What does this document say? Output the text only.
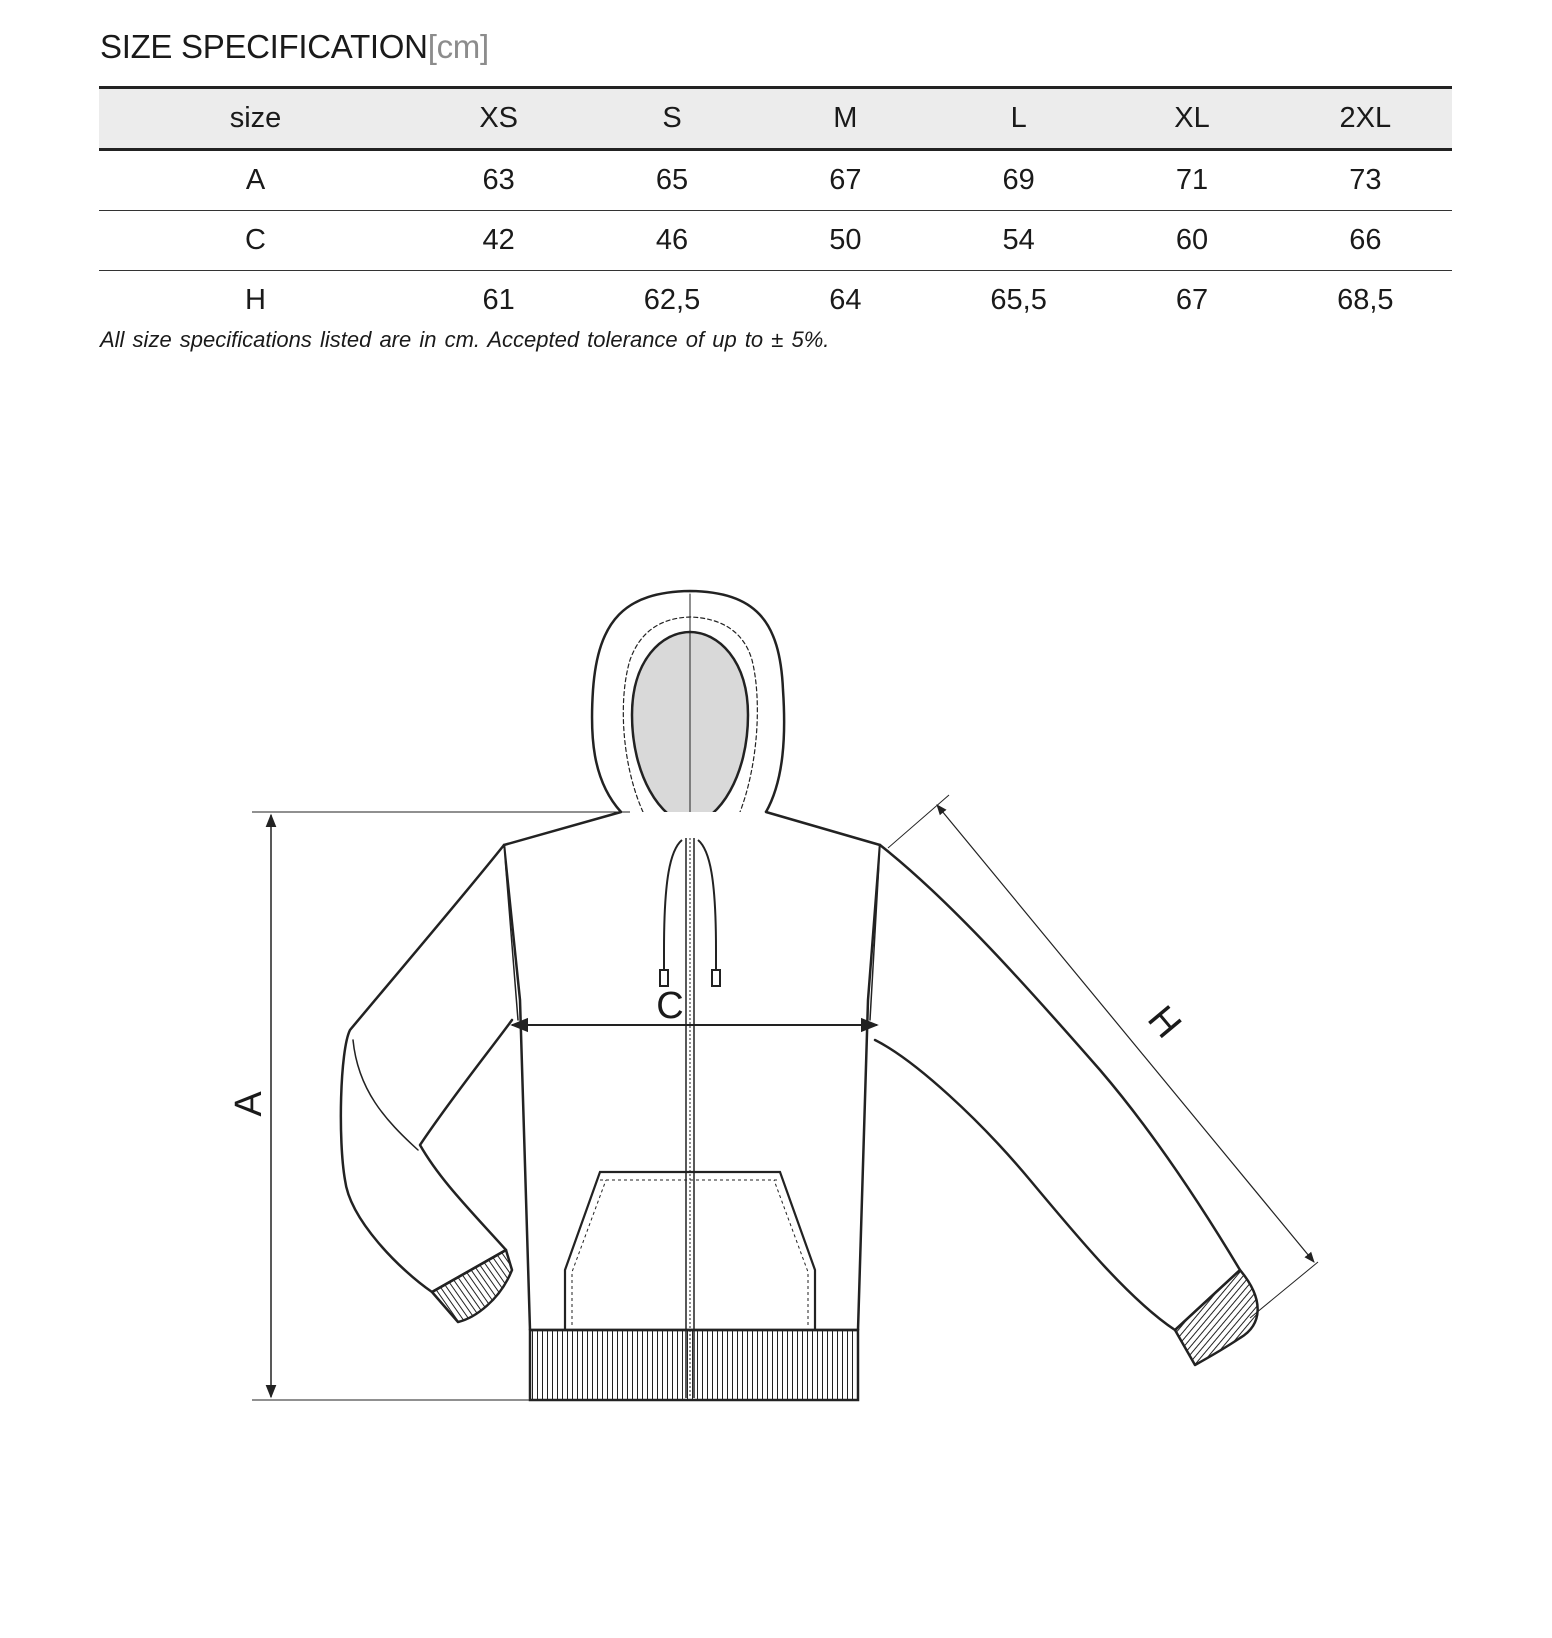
SIZE SPECIFICATION[cm]
size	XS	S	M	L	XL	2XL
A	63	65	67	69	71	73
C	42	46	50	54	60	66
H	61	62,5	64	65,5	67	68,5
All size specifications listed are in cm. Accepted tolerance of up to ± 5%.
A
C	H
